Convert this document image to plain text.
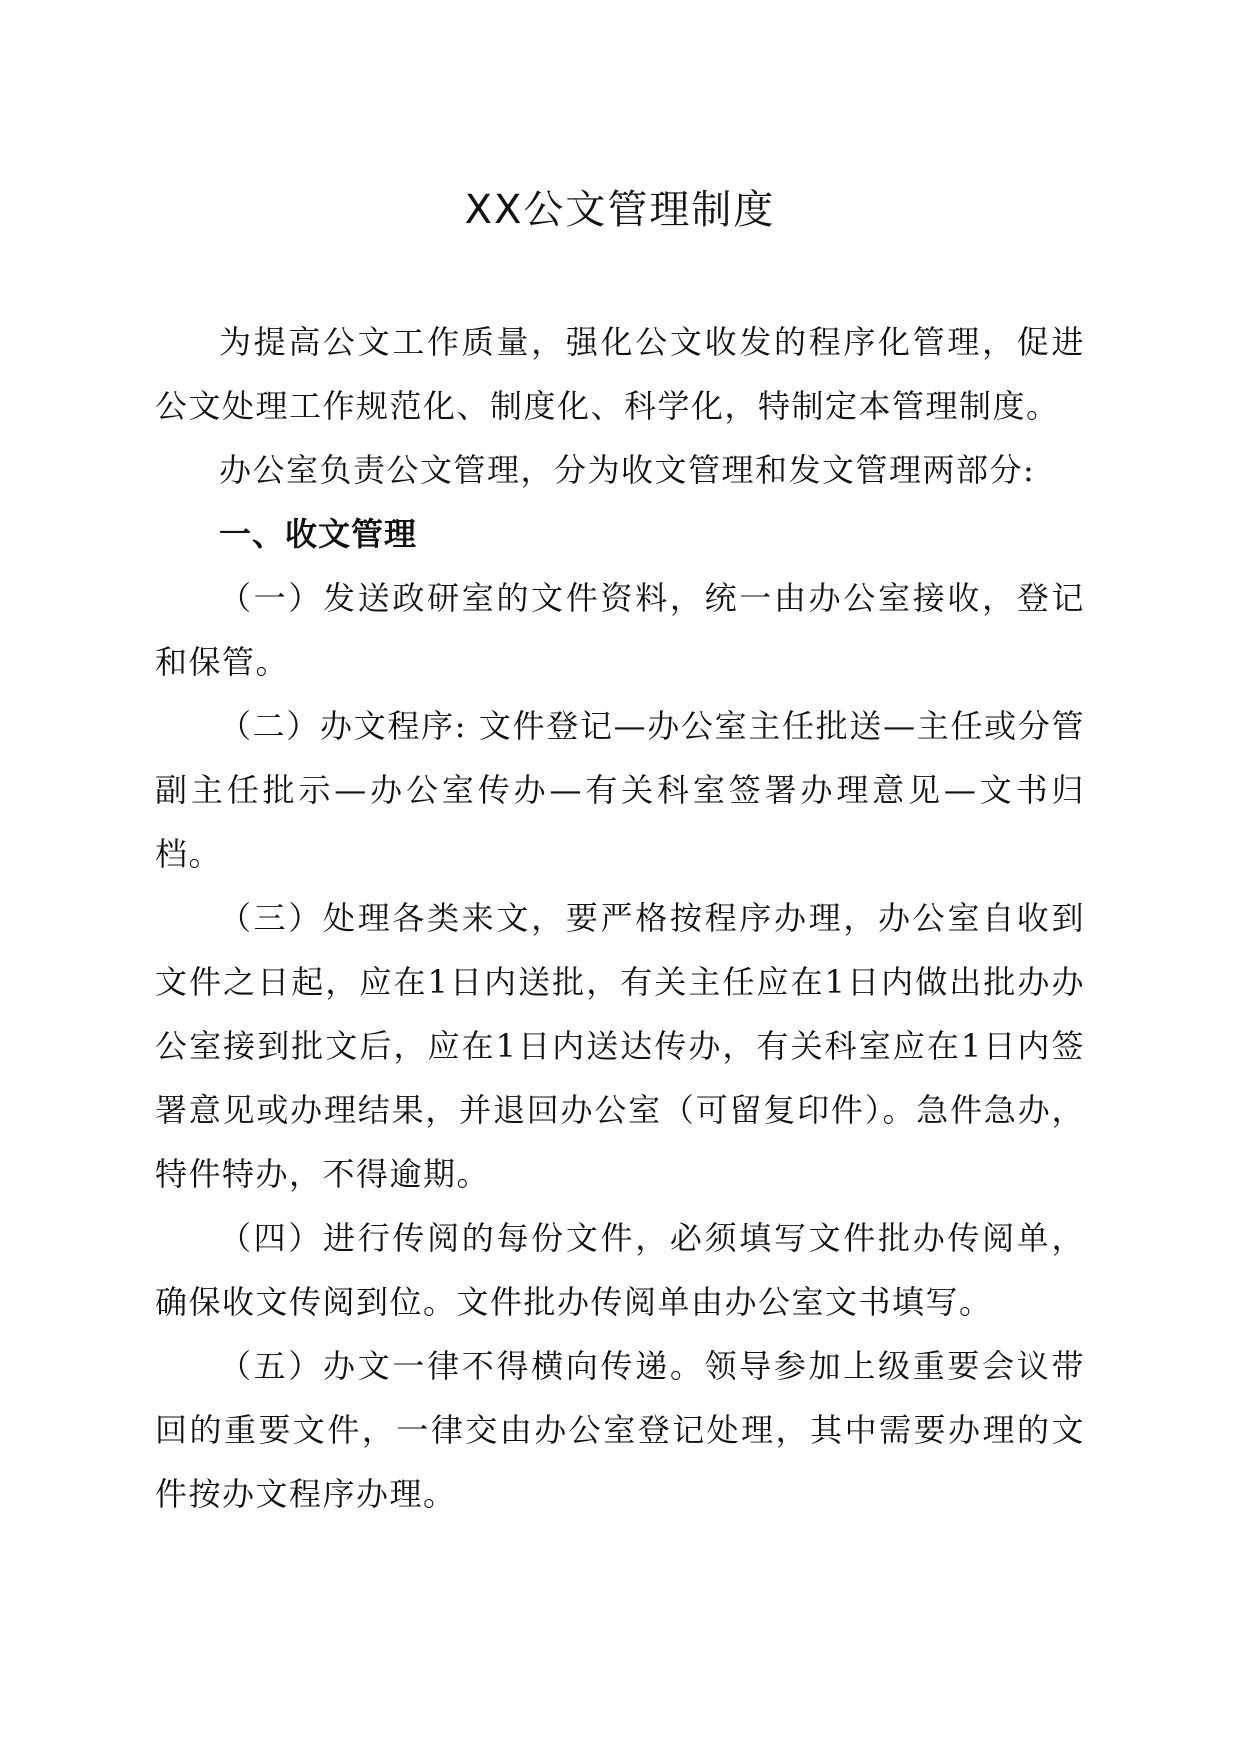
XX公文管理制度

为提高公文工作质量，强化公文收发的程序化管理，促进公文处理工作规范化、制度化、科学化，特制定本管理制度。

办公室负责公文管理，分为收文管理和发文管理两部分:

一、收文管理

（一）发送政研室的文件资料，统一由办公室接收，登记和保管。

（二）办文程序: 文件登记—办公室主任批送—主任或分管副主任批示—办公室传办—有关科室签署办理意见—文书归档。

（三）处理各类来文，要严格按程序办理，办公室自收到文件之日起，应在1日内送批，有关主任应在1日内做出批办办公室接到批文后，应在1日内送达传办，有关科室应在1日内签署意见或办理结果，并退回办公室（可留复印件）。急件急办，特件特办，不得逾期。

（四）进行传阅的每份文件，必须填写文件批办传阅单，确保收文传阅到位。文件批办传阅单由办公室文书填写。

（五）办文一律不得横向传递。领导参加上级重要会议带回的重要文件，一律交由办公室登记处理，其中需要办理的文件按办文程序办理。
